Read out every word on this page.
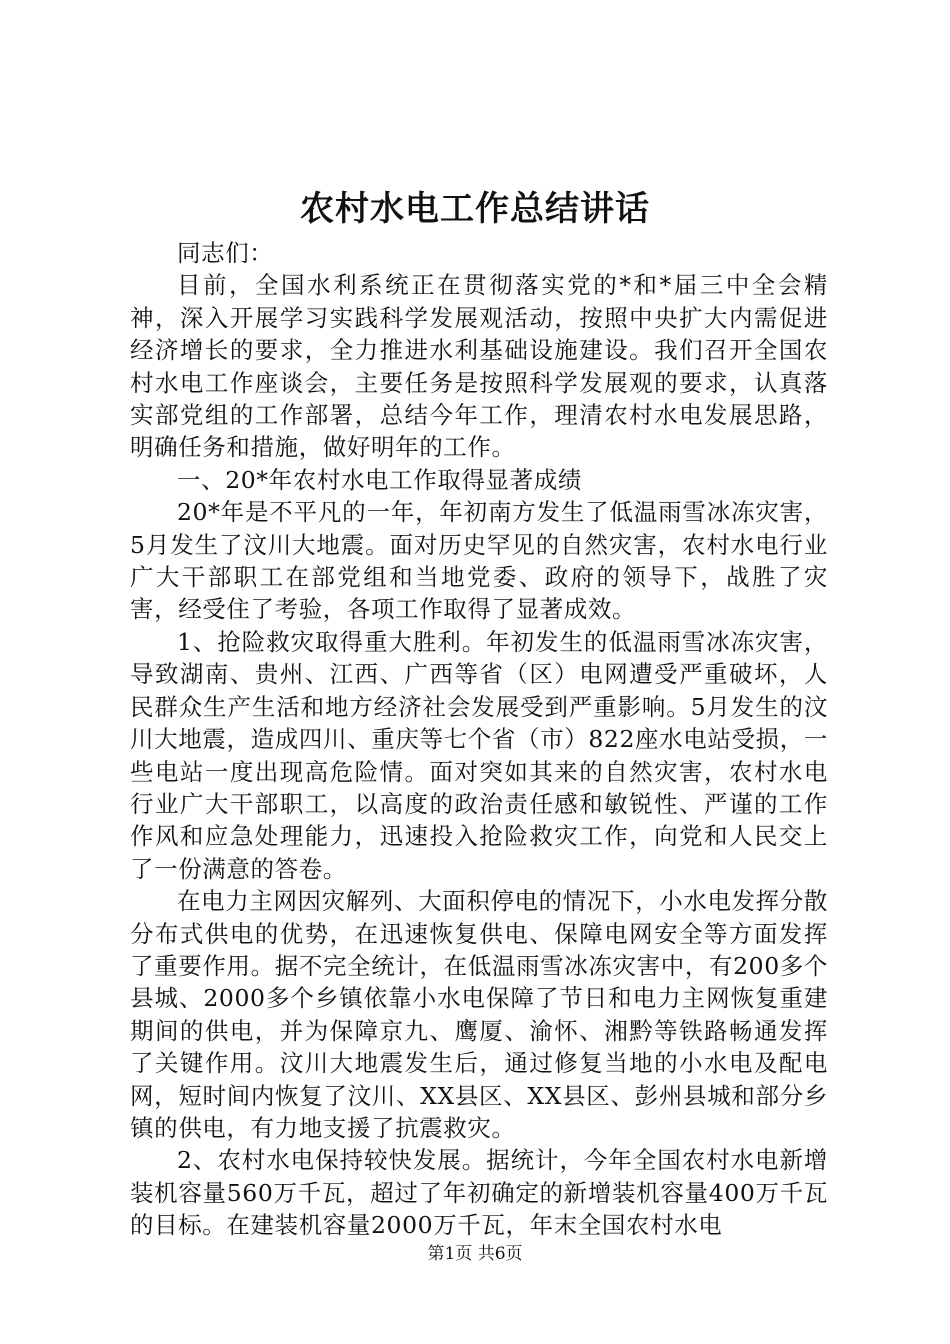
农村水电工作总结讲话

同志们：

目前，全国水利系统正在贯彻落实党的*和*届三中全会精神，深入开展学习实践科学发展观活动，按照中央扩大内需促进经济增长的要求，全力推进水利基础设施建设。我们召开全国农村水电工作座谈会，主要任务是按照科学发展观的要求，认真落实部党组的工作部署，总结今年工作，理清农村水电发展思路，明确任务和措施，做好明年的工作。

一、20*年农村水电工作取得显著成绩

20*年是不平凡的一年，年初南方发生了低温雨雪冰冻灾害，5月发生了汶川大地震。面对历史罕见的自然灾害，农村水电行业广大干部职工在部党组和当地党委、政府的领导下，战胜了灾害，经受住了考验，各项工作取得了显著成效。

1、抢险救灾取得重大胜利。年初发生的低温雨雪冰冻灾害，导致湖南、贵州、江西、广西等省（区）电网遭受严重破坏，人民群众生产生活和地方经济社会发展受到严重影响。5月发生的汶川大地震，造成四川、重庆等七个省（市）822座水电站受损，一些电站一度出现高危险情。面对突如其来的自然灾害，农村水电行业广大干部职工，以高度的政治责任感和敏锐性、严谨的工作作风和应急处理能力，迅速投入抢险救灾工作，向党和人民交上了一份满意的答卷。

在电力主网因灾解列、大面积停电的情况下，小水电发挥分散分布式供电的优势，在迅速恢复供电、保障电网安全等方面发挥了重要作用。据不完全统计，在低温雨雪冰冻灾害中，有200多个县城、2000多个乡镇依靠小水电保障了节日和电力主网恢复重建期间的供电，并为保障京九、鹰厦、渝怀、湘黔等铁路畅通发挥了关键作用。汶川大地震发生后，通过修复当地的小水电及配电网，短时间内恢复了汶川、XX县区、XX县区、彭州县城和部分乡镇的供电，有力地支援了抗震救灾。

2、农村水电保持较快发展。据统计，今年全国农村水电新增装机容量560万千瓦，超过了年初确定的新增装机容量400万千瓦的目标。在建装机容量2000万千瓦，年末全国农村水电

第1页 共6页
